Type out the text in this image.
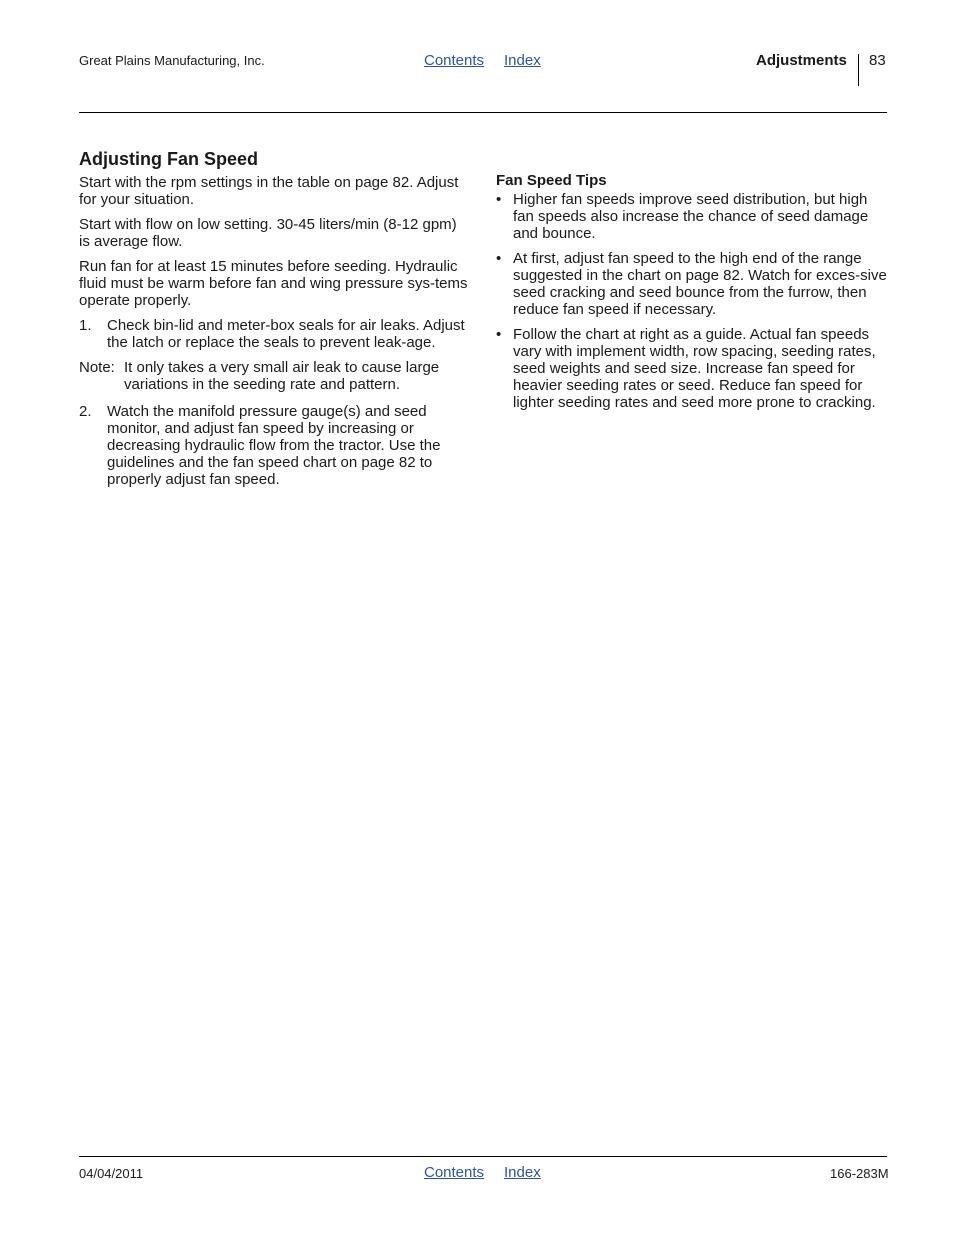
Great Plains Manufacturing, Inc.	Contents Index	Adjustments 83
Adjusting Fan Speed

Start with the rpm settings in the table on page 82. Adjust for your situation.

Start with flow on low setting. 30-45 liters/min (8-12 gpm) is average flow.

Run fan for at least 15 minutes before seeding. Hydraulic fluid must be warm before fan and wing pressure sys-tems operate properly.

1.	Check bin-lid and meter-box seals for air leaks. Adjust the latch or replace the seals to prevent leak-age.
Note: It only takes a very small air leak to cause large variations in the seeding rate and pattern.
2.	Watch the manifold pressure gauge(s) and seed monitor, and adjust fan speed by increasing or decreasing hydraulic flow from the tractor. Use the guidelines and the fan speed chart on page 82 to properly adjust fan speed.
Fan Speed Tips
• Higher fan speeds improve seed distribution, but high fan speeds also increase the chance of seed damage and bounce.
• At first, adjust fan speed to the high end of the range suggested in the chart on page 82. Watch for exces-sive seed cracking and seed bounce from the furrow, then reduce fan speed if necessary.
• Follow the chart at right as a guide. Actual fan speeds vary with implement width, row spacing, seeding rates, seed weights and seed size. Increase fan speed for heavier seeding rates or seed. Reduce fan speed for lighter seeding rates and seed more prone to cracking.
04/04/2011	Contents Index	166-283M
